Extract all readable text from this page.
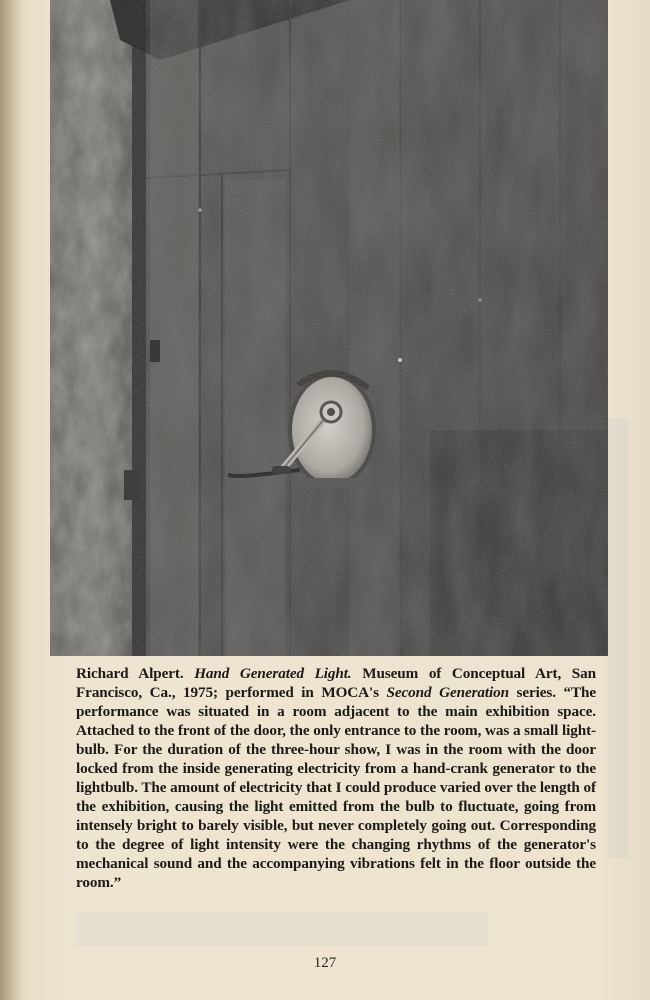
Richard Alpert. Hand Generated Light. Museum of Conceptual Art, San Francisco, Ca., 1975; performed in MOCA's Second Generation series. “The performance was situated in a room adjacent to the main exhibition space. Attached to the front of the door, the only entrance to the room, was a small light-bulb. For the duration of the three-hour show, I was in the room with the door locked from the inside generating electricity from a hand-crank generator to the lightbulb. The amount of electricity that I could produce varied over the length of the exhibition, causing the light emitted from the bulb to fluctuate, going from intensely bright to barely visible, but never completely going out. Corresponding to the degree of light intensity were the changing rhythms of the generator's mechanical sound and the accompanying vibrations felt in the floor outside the room.”

127
